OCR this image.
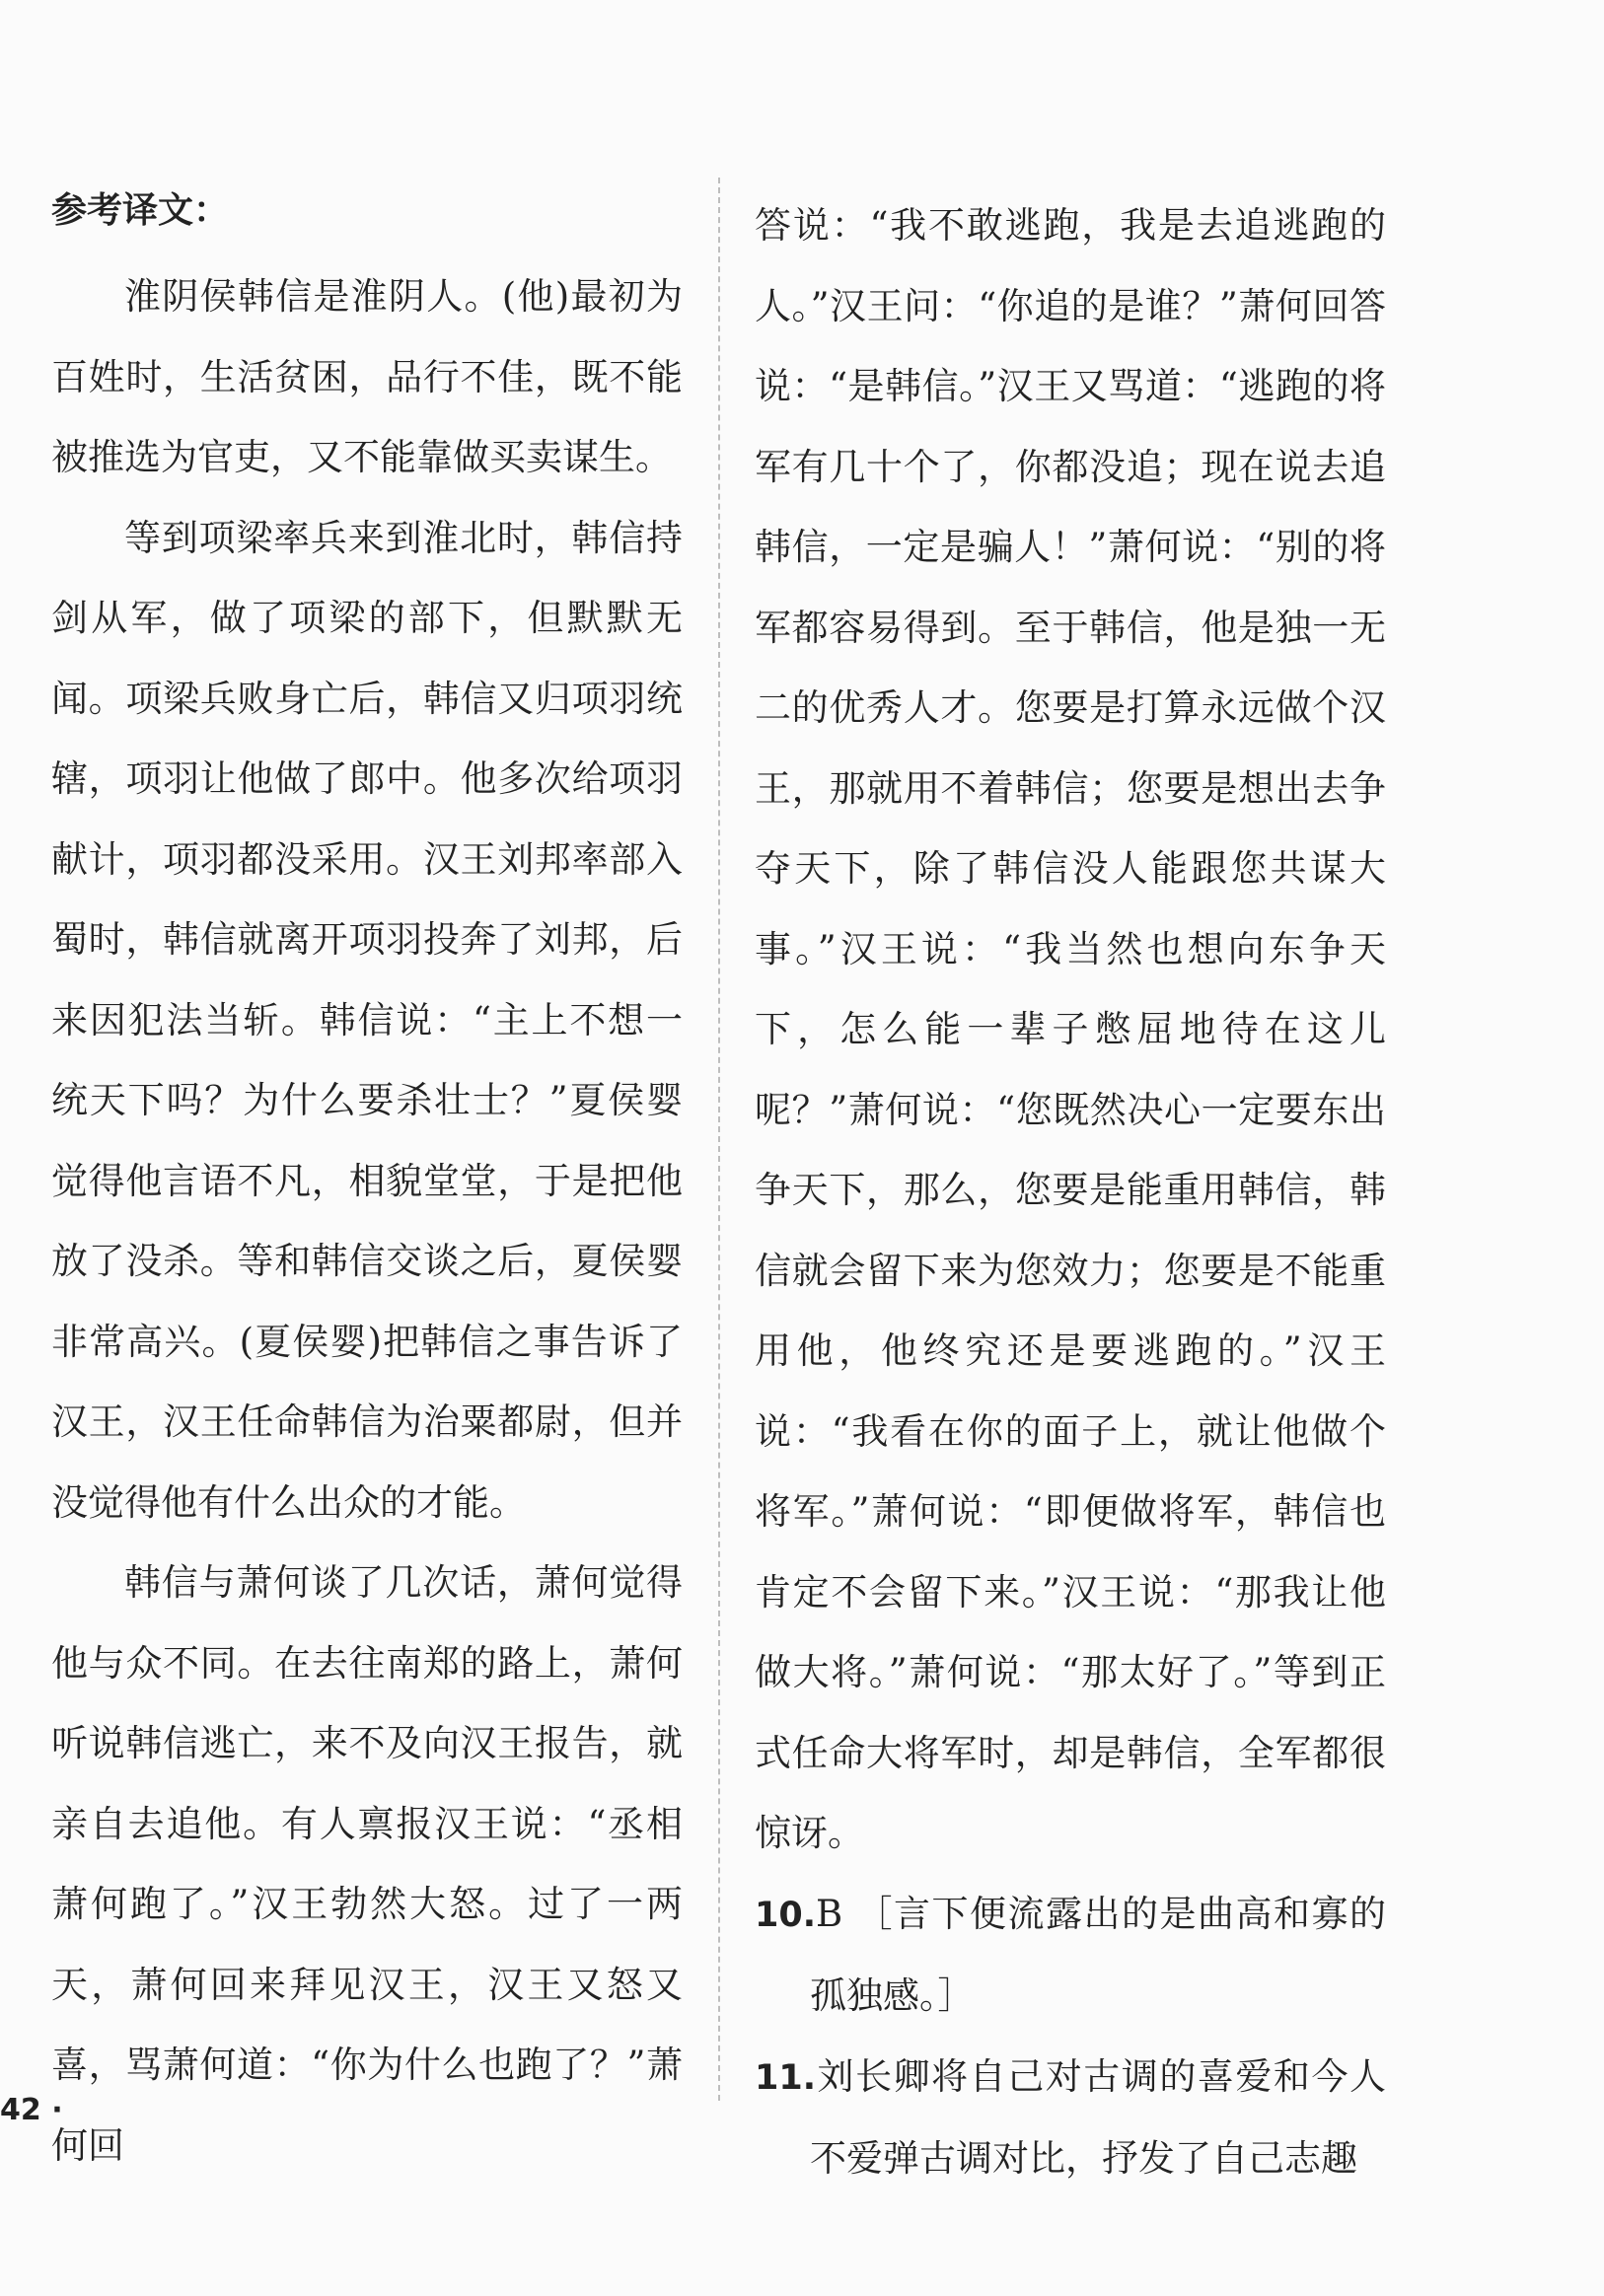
参考译文：

淮阴侯韩信是淮阴人。(他)最初为百姓时，生活贫困，品行不佳，既不能被推选为官吏，又不能靠做买卖谋生。

等到项梁率兵来到淮北时，韩信持剑从军，做了项梁的部下，但默默无闻。项梁兵败身亡后，韩信又归项羽统辖，项羽让他做了郎中。他多次给项羽献计，项羽都没采用。汉王刘邦率部入蜀时，韩信就离开项羽投奔了刘邦，后来因犯法当斩。韩信说：“主上不想一统天下吗？为什么要杀壮士？”夏侯婴觉得他言语不凡，相貌堂堂，于是把他放了没杀。等和韩信交谈之后，夏侯婴非常高兴。(夏侯婴)把韩信之事告诉了汉王，汉王任命韩信为治粟都尉，但并没觉得他有什么出众的才能。

韩信与萧何谈了几次话，萧何觉得他与众不同。在去往南郑的路上，萧何听说韩信逃亡，来不及向汉王报告，就亲自去追他。有人禀报汉王说：“丞相萧何跑了。”汉王勃然大怒。过了一两天，萧何回来拜见汉王，汉王又怒又喜，骂萧何道：“你为什么也跑了？”萧何回

答说：“我不敢逃跑，我是去追逃跑的人。”汉王问：“你追的是谁？”萧何回答说：“是韩信。”汉王又骂道：“逃跑的将军有几十个了，你都没追；现在说去追韩信，一定是骗人！”萧何说：“别的将军都容易得到。至于韩信，他是独一无二的优秀人才。您要是打算永远做个汉王，那就用不着韩信；您要是想出去争夺天下，除了韩信没人能跟您共谋大事。”汉王说：“我当然也想向东争天下，怎么能一辈子憋屈地待在这儿呢？”萧何说：“您既然决心一定要东出争天下，那么，您要是能重用韩信，韩信就会留下来为您效力；您要是不能重用他，他终究还是要逃跑的。”汉王说：“我看在你的面子上，就让他做个将军。”萧何说：“即便做将军，韩信也肯定不会留下来。”汉王说：“那我让他做大将。”萧何说：“那太好了。”等到正式任命大将军时，却是韩信，全军都很惊讶。

10.B ［言下便流露出的是曲高和寡的孤独感。］
11.刘长卿将自己对古调的喜爱和今人不爱弹古调对比，抒发了自己志趣
42 ·
